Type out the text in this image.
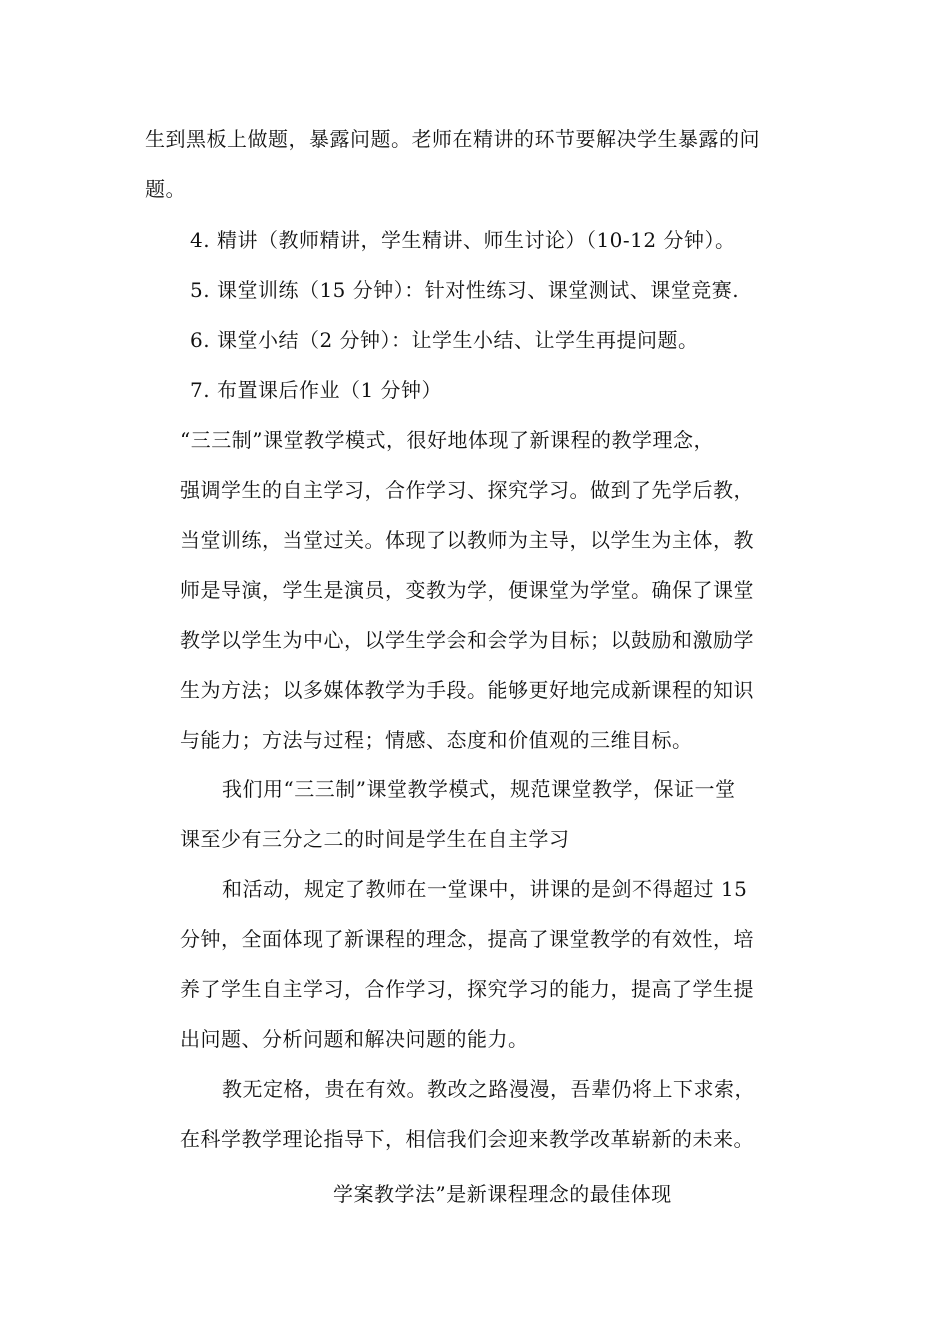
生到黑板上做题，暴露问题。老师在精讲的环节要解决学生暴露的问
题。
4. 精讲（教师精讲，学生精讲、师生讨论）（10-12 分钟）。
5. 课堂训练（15 分钟）：针对性练习、课堂测试、课堂竞赛.
6. 课堂小结（2 分钟）：让学生小结、让学生再提问题。
7. 布置课后作业（1 分钟）
“三三制”课堂教学模式，很好地体现了新课程的教学理念，
强调学生的自主学习，合作学习、探究学习。做到了先学后教，
当堂训练，当堂过关。体现了以教师为主导，以学生为主体，教
师是导演，学生是演员，变教为学，便课堂为学堂。确保了课堂
教学以学生为中心，以学生学会和会学为目标；以鼓励和激励学
生为方法；以多媒体教学为手段。能够更好地完成新课程的知识
与能力；方法与过程；情感、态度和价值观的三维目标。
我们用“三三制”课堂教学模式，规范课堂教学，保证一堂
课至少有三分之二的时间是学生在自主学习
和活动，规定了教师在一堂课中，讲课的是剑不得超过 15
分钟，全面体现了新课程的理念，提高了课堂教学的有效性，培
养了学生自主学习，合作学习，探究学习的能力，提高了学生提
出问题、分析问题和解决问题的能力。
教无定格，贵在有效。教改之路漫漫，吾辈仍将上下求索，
在科学教学理论指导下，相信我们会迎来教学改革崭新的未来。
学案教学法”是新课程理念的最佳体现
